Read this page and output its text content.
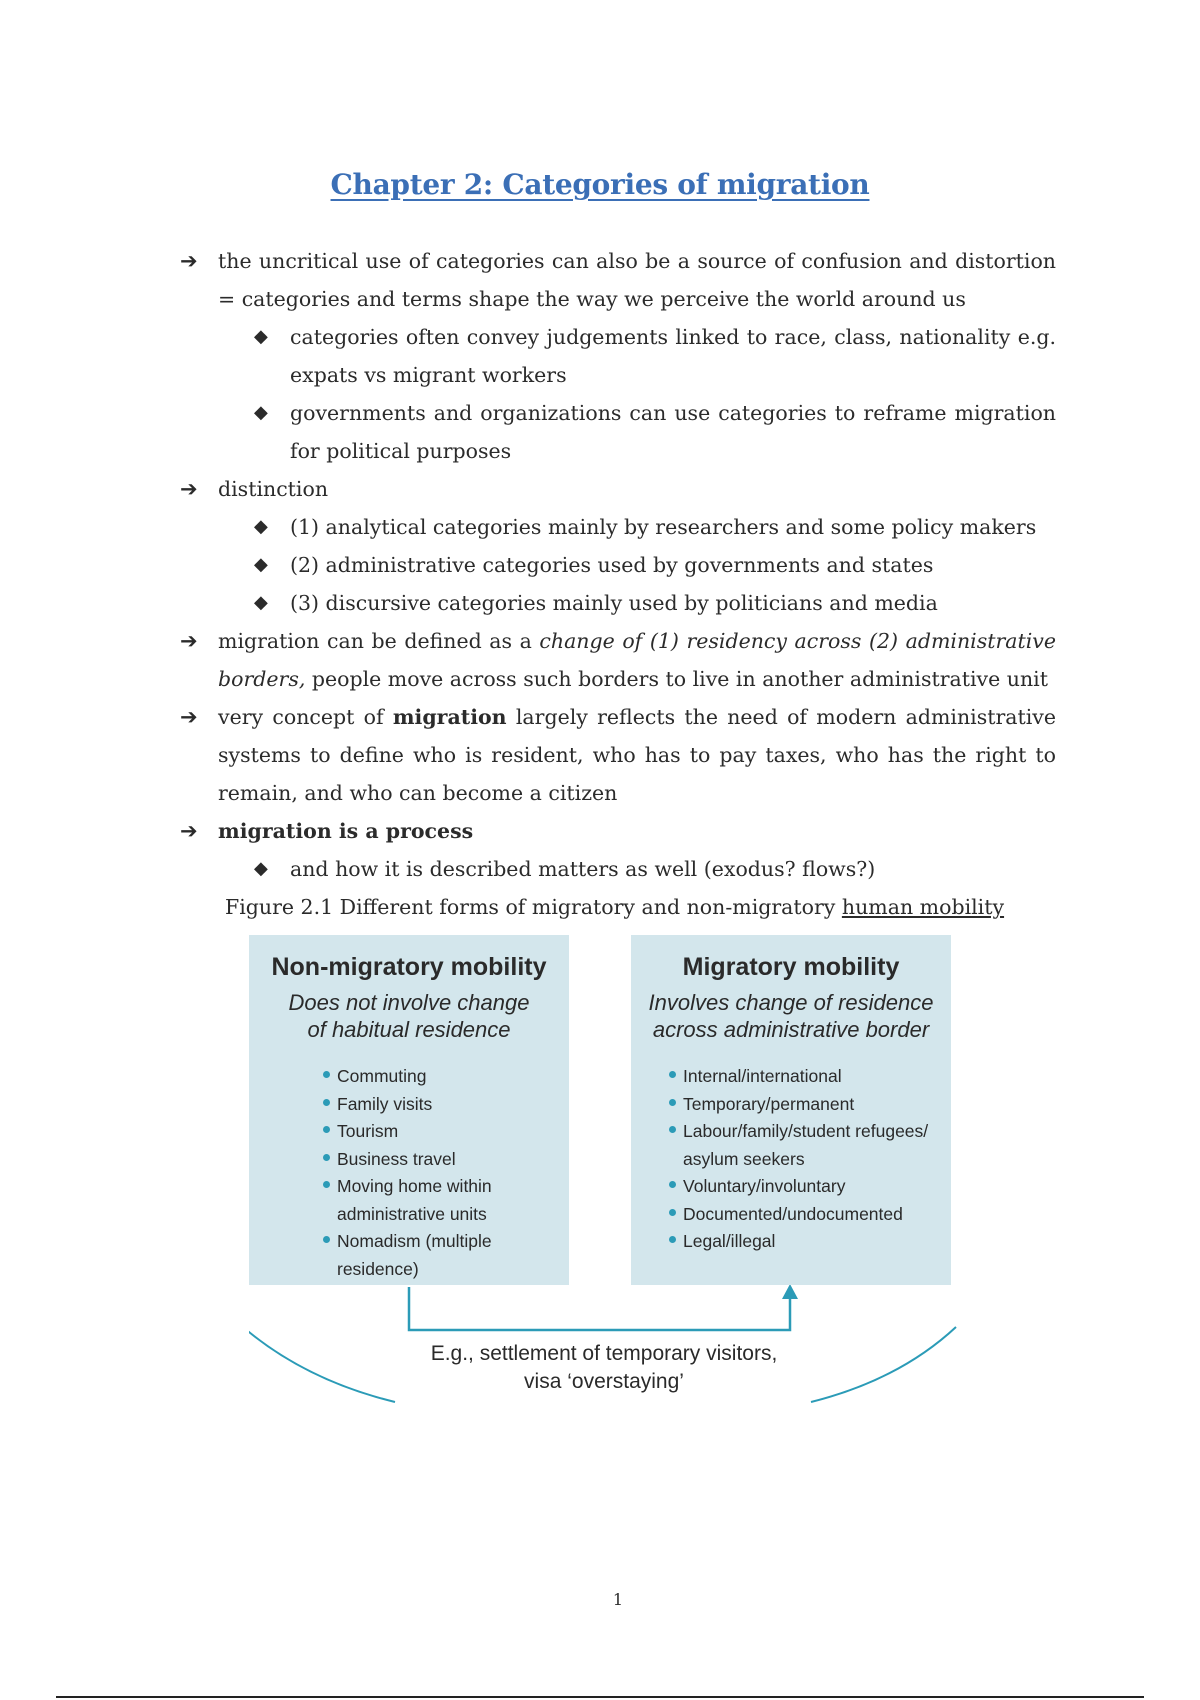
Chapter 2: Categories of migration
➔ the uncritical use of categories can also be a source of confusion and distortion = categories and terms shape the way we perceive the world around us
◆ categories often convey judgements linked to race, class, nationality e.g. expats vs migrant workers
◆ governments and organizations can use categories to reframe migration for political purposes
➔ distinction
◆ (1) analytical categories mainly by researchers and some policy makers
◆ (2) administrative categories used by governments and states
◆ (3) discursive categories mainly used by politicians and media
➔ migration can be defined as a change of (1) residency across (2) administrative borders, people move across such borders to live in another administrative unit
➔ very concept of migration largely reflects the need of modern administrative systems to define who is resident, who has to pay taxes, who has the right to remain, and who can become a citizen
➔ migration is a process
◆ and how it is described matters as well (exodus? flows?)
Figure 2.1 Different forms of migratory and non-migratory human mobility
Non-migratory mobility
Does not involve change
of habitual residence
Commuting
Family visits
Tourism
Business travel
Moving home within administrative units
Nomadism (multiple residence)
Migratory mobility
Involves change of residence
across administrative border
Internal/international
Temporary/permanent
Labour/family/student refugees/ asylum seekers
Voluntary/involuntary
Documented/undocumented
Legal/illegal
E.g., settlement of temporary visitors,
visa ‘overstaying’
1
